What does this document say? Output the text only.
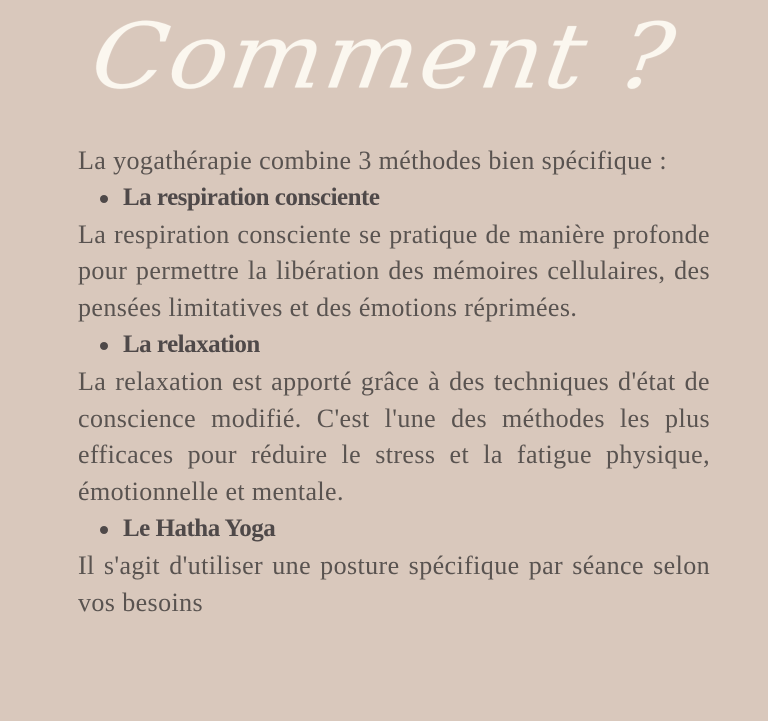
Comment ?

La yogathérapie combine 3 méthodes bien spécifique :

La respiration consciente

La respiration consciente se pratique de manière profonde pour permettre la libération des mémoires cellulaires, des pensées limitatives et des émotions réprimées.

La relaxation

La relaxation est apporté grâce à des techniques d'état de conscience modifié. C'est l'une des méthodes les plus efficaces pour réduire le stress et la fatigue physique, émotionnelle et mentale.

Le Hatha Yoga

Il s'agit d'utiliser une posture spécifique par séance selon vos besoins
